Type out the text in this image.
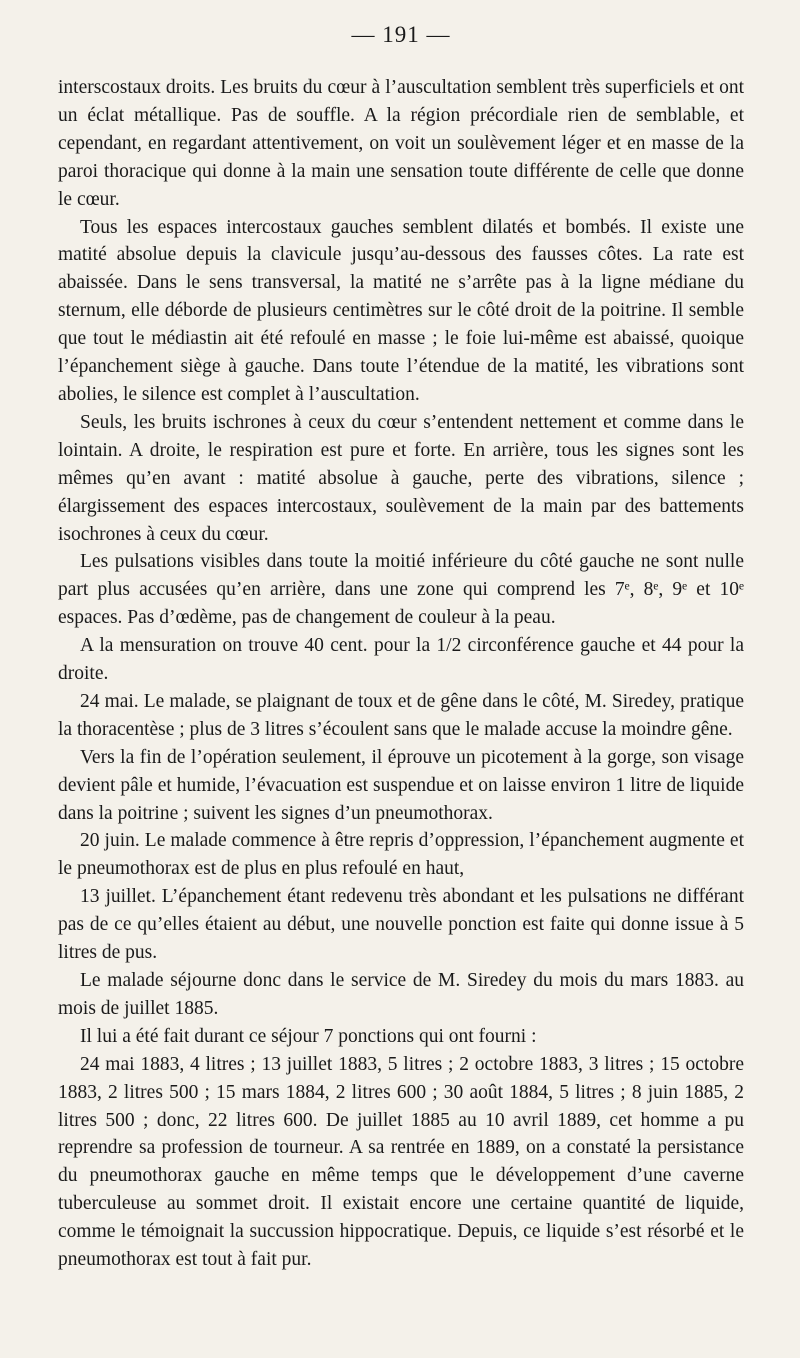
— 191 —

interscostaux droits. Les bruits du cœur à l’auscultation semblent très superficiels et ont un éclat métallique. Pas de souffle. A la région précordiale rien de semblable, et cependant, en regardant attentivement, on voit un soulèvement léger et en masse de la paroi thoracique qui donne à la main une sensation toute différente de celle que donne le cœur.

Tous les espaces intercostaux gauches semblent dilatés et bombés. Il existe une matité absolue depuis la clavicule jusqu’au-dessous des fausses côtes. La rate est abaissée. Dans le sens transversal, la matité ne s’arrête pas à la ligne médiane du sternum, elle déborde de plusieurs centimètres sur le côté droit de la poitrine. Il semble que tout le médiastin ait été refoulé en masse ; le foie lui-même est abaissé, quoique l’épanchement siège à gauche. Dans toute l’étendue de la matité, les vibrations sont abolies, le silence est complet à l’auscultation.

Seuls, les bruits ischrones à ceux du cœur s’entendent nettement et comme dans le lointain. A droite, le respiration est pure et forte. En arrière, tous les signes sont les mêmes qu’en avant : matité absolue à gauche, perte des vibrations, silence ; élargissement des espaces intercostaux, soulèvement de la main par des battements isochrones à ceux du cœur.

Les pulsations visibles dans toute la moitié inférieure du côté gauche ne sont nulle part plus accusées qu’en arrière, dans une zone qui comprend les 7ᵉ, 8ᵉ, 9ᵉ et 10ᵉ espaces. Pas d’œdème, pas de changement de couleur à la peau.

A la mensuration on trouve 40 cent. pour la 1/2 circonférence gauche et 44 pour la droite.

24 mai. Le malade, se plaignant de toux et de gêne dans le côté, M. Siredey, pratique la thoracentèse ; plus de 3 litres s’écoulent sans que le malade accuse la moindre gêne.

Vers la fin de l’opération seulement, il éprouve un picotement à la gorge, son visage devient pâle et humide, l’évacuation est suspendue et on laisse environ 1 litre de liquide dans la poitrine ; suivent les signes d’un pneumothorax.

20 juin. Le malade commence à être repris d’oppression, l’épanchement augmente et le pneumothorax est de plus en plus refoulé en haut,

13 juillet. L’épanchement étant redevenu très abondant et les pulsations ne différant pas de ce qu’elles étaient au début, une nouvelle ponction est faite qui donne issue à 5 litres de pus.

Le malade séjourne donc dans le service de M. Siredey du mois du mars 1883. au mois de juillet 1885.

Il lui a été fait durant ce séjour 7 ponctions qui ont fourni :

24 mai 1883, 4 litres ; 13 juillet 1883, 5 litres ; 2 octobre 1883, 3 litres ; 15 octobre 1883, 2 litres 500 ; 15 mars 1884, 2 litres 600 ; 30 août 1884, 5 litres ; 8 juin 1885, 2 litres 500 ; donc, 22 litres 600. De juillet 1885 au 10 avril 1889, cet homme a pu reprendre sa profession de tourneur. A sa rentrée en 1889, on a constaté la persistance du pneumothorax gauche en même temps que le développement d’une caverne tuberculeuse au sommet droit. Il existait encore une certaine quantité de liquide, comme le témoignait la succussion hippocratique. Depuis, ce liquide s’est résorbé et le pneumothorax est tout à fait pur.
